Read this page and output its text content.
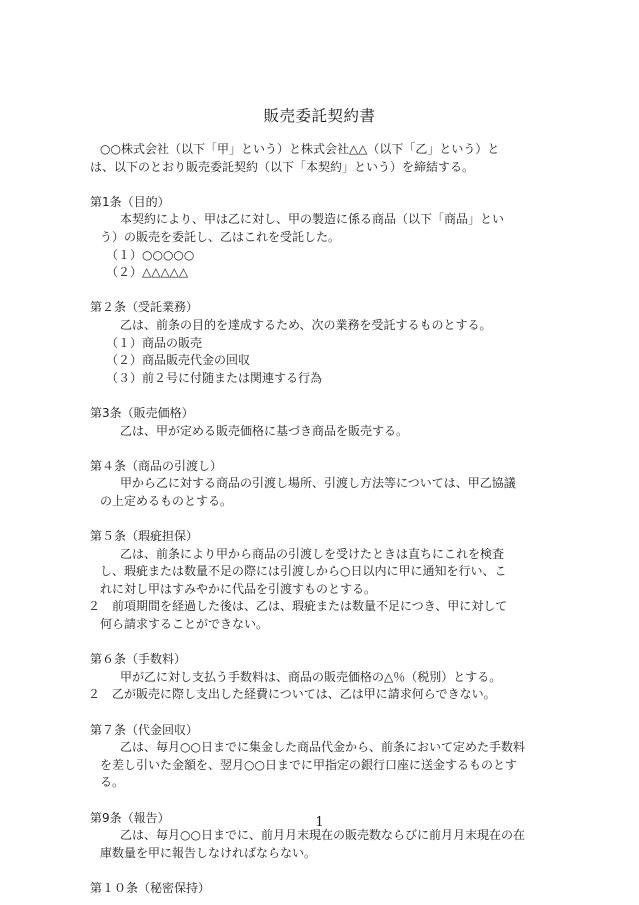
販売委託契約書
○○株式会社（以下「甲」という）と株式会社△△（以下「乙」という）と
は、以下のとおり販売委託契約（以下「本契約」という）を締結する。
第1条（目的）
本契約により、甲は乙に対し、甲の製造に係る商品（以下「商品」とい
う）の販売を委託し、乙はこれを受託した。
（１）○○○○○
（２）△△△△△
第２条（受託業務）
乙は、前条の目的を達成するため、次の業務を受託するものとする。
（１）商品の販売
（２）商品販売代金の回収
（３）前２号に付随または関連する行為
第3条（販売価格）
乙は、甲が定める販売価格に基づき商品を販売する。
第４条（商品の引渡し）
甲から乙に対する商品の引渡し場所、引渡し方法等については、甲乙協議
の上定めるものとする。
第５条（瑕疵担保）
乙は、前条により甲から商品の引渡しを受けたときは直ちにこれを検査
し、瑕疵または数量不足の際には引渡しから○日以内に甲に通知を行い、こ
れに対し甲はすみやかに代品を引渡すものとする。
２　前項期間を経過した後は、乙は、瑕疵または数量不足につき、甲に対して
何ら請求することができない。
第６条（手数料）
甲が乙に対し支払う手数料は、商品の販売価格の△％（税別）とする。
２　乙が販売に際し支出した経費については、乙は甲に請求何らできない。
第７条（代金回収）
乙は、毎月○○日までに集金した商品代金から、前条において定めた手数料
を差し引いた金額を、翌月○○日までに甲指定の銀行口座に送金するものとす
る。
第9条（報告）
乙は、毎月○○日までに、前月月末現在の販売数ならびに前月月末現在の在
庫数量を甲に報告しなければならない。
第１０条（秘密保持）
1
